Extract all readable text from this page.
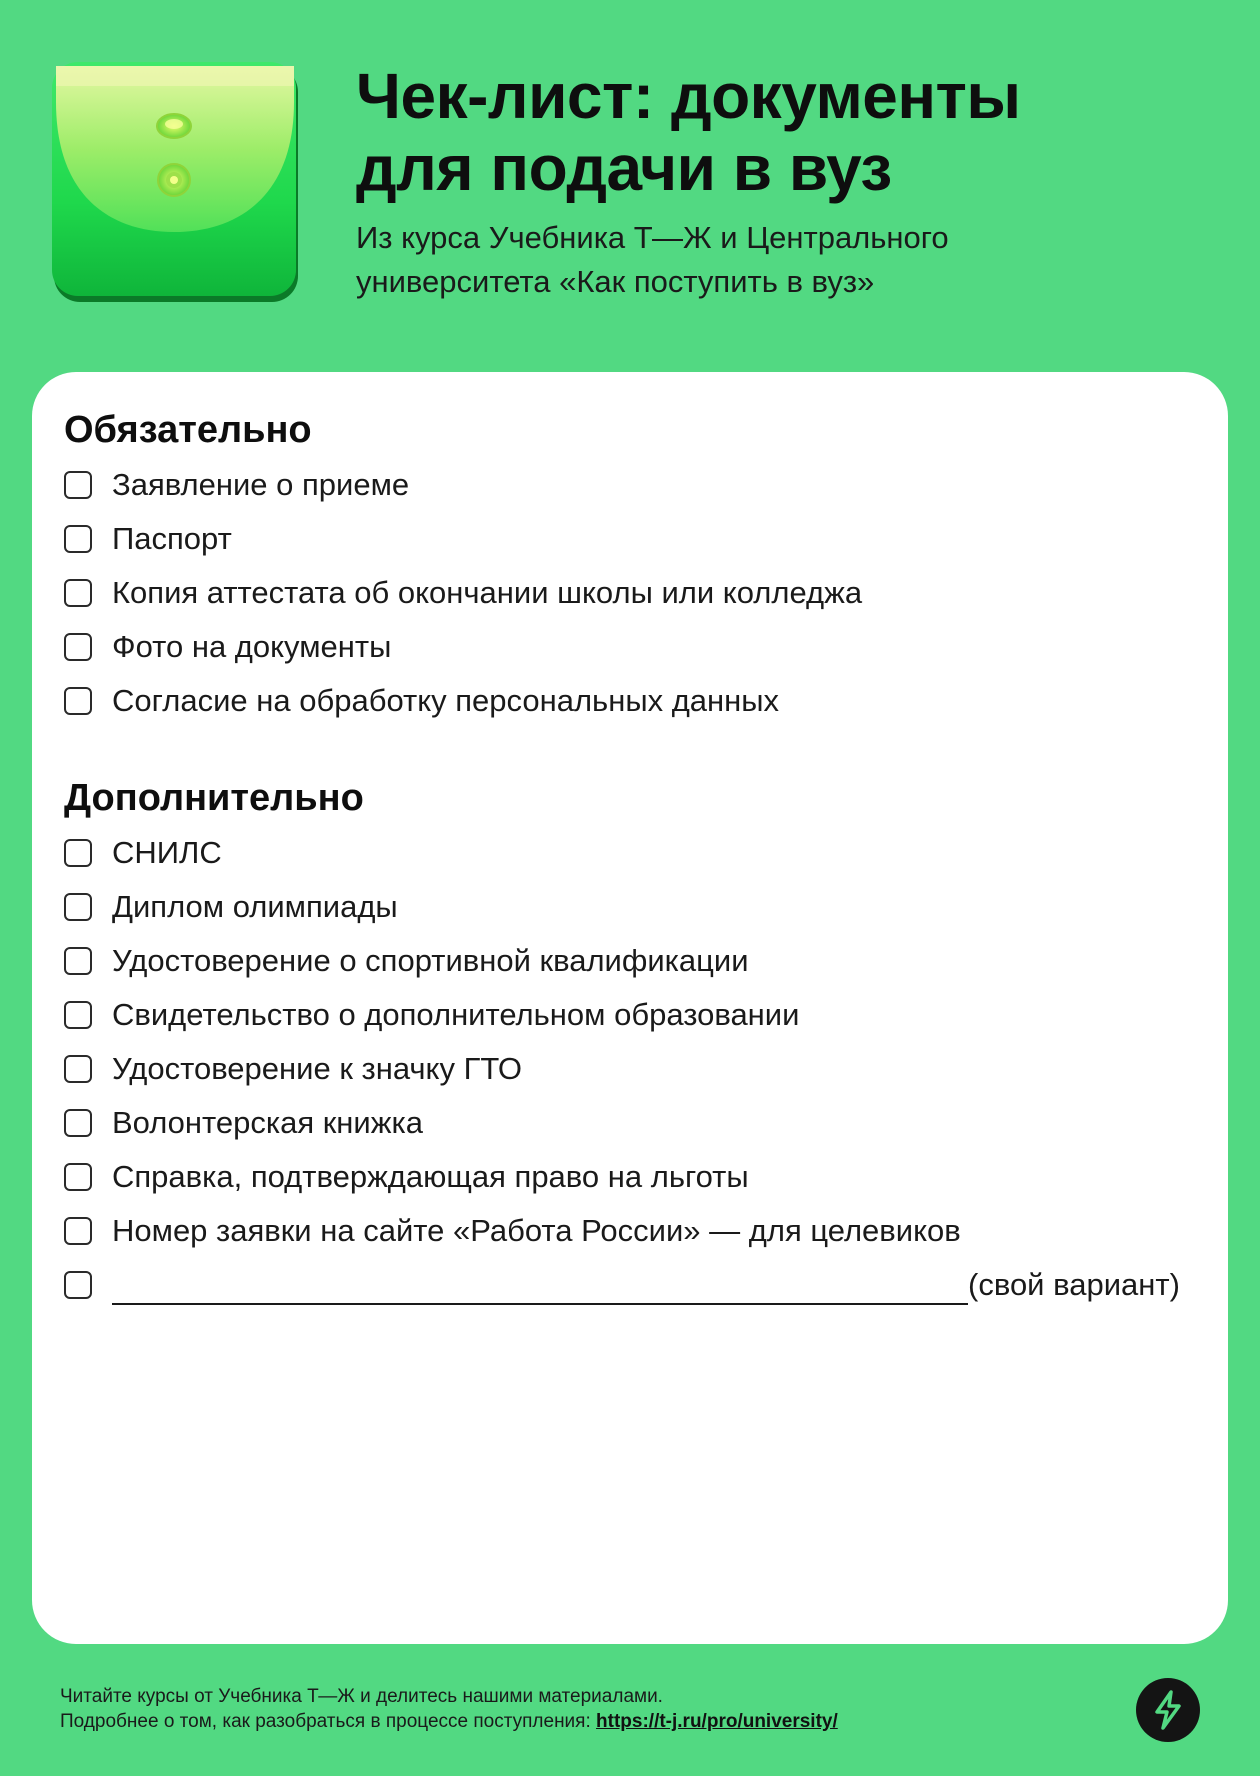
Чек-лист: документы
для подачи в вуз
Из курса Учебника Т—Ж и Центрального
университета «Как поступить в вуз»
Обязательно
Заявление о приеме
Паспорт
Копия аттестата об окончании школы или колледжа
Фото на документы
Согласие на обработку персональных данных
Дополнительно
СНИЛС
Диплом олимпиады
Удостоверение о спортивной квалификации
Свидетельство о дополнительном образовании
Удостоверение к значку ГТО
Волонтерская книжка
Справка, подтверждающая право на льготы
Номер заявки на сайте «Работа России» — для целевиков
(свой вариант)
Читайте курсы от Учебника Т—Ж и делитесь нашими материалами.
Подробнее о том, как разобраться в процессе поступления: https://t-j.ru/pro/university/
